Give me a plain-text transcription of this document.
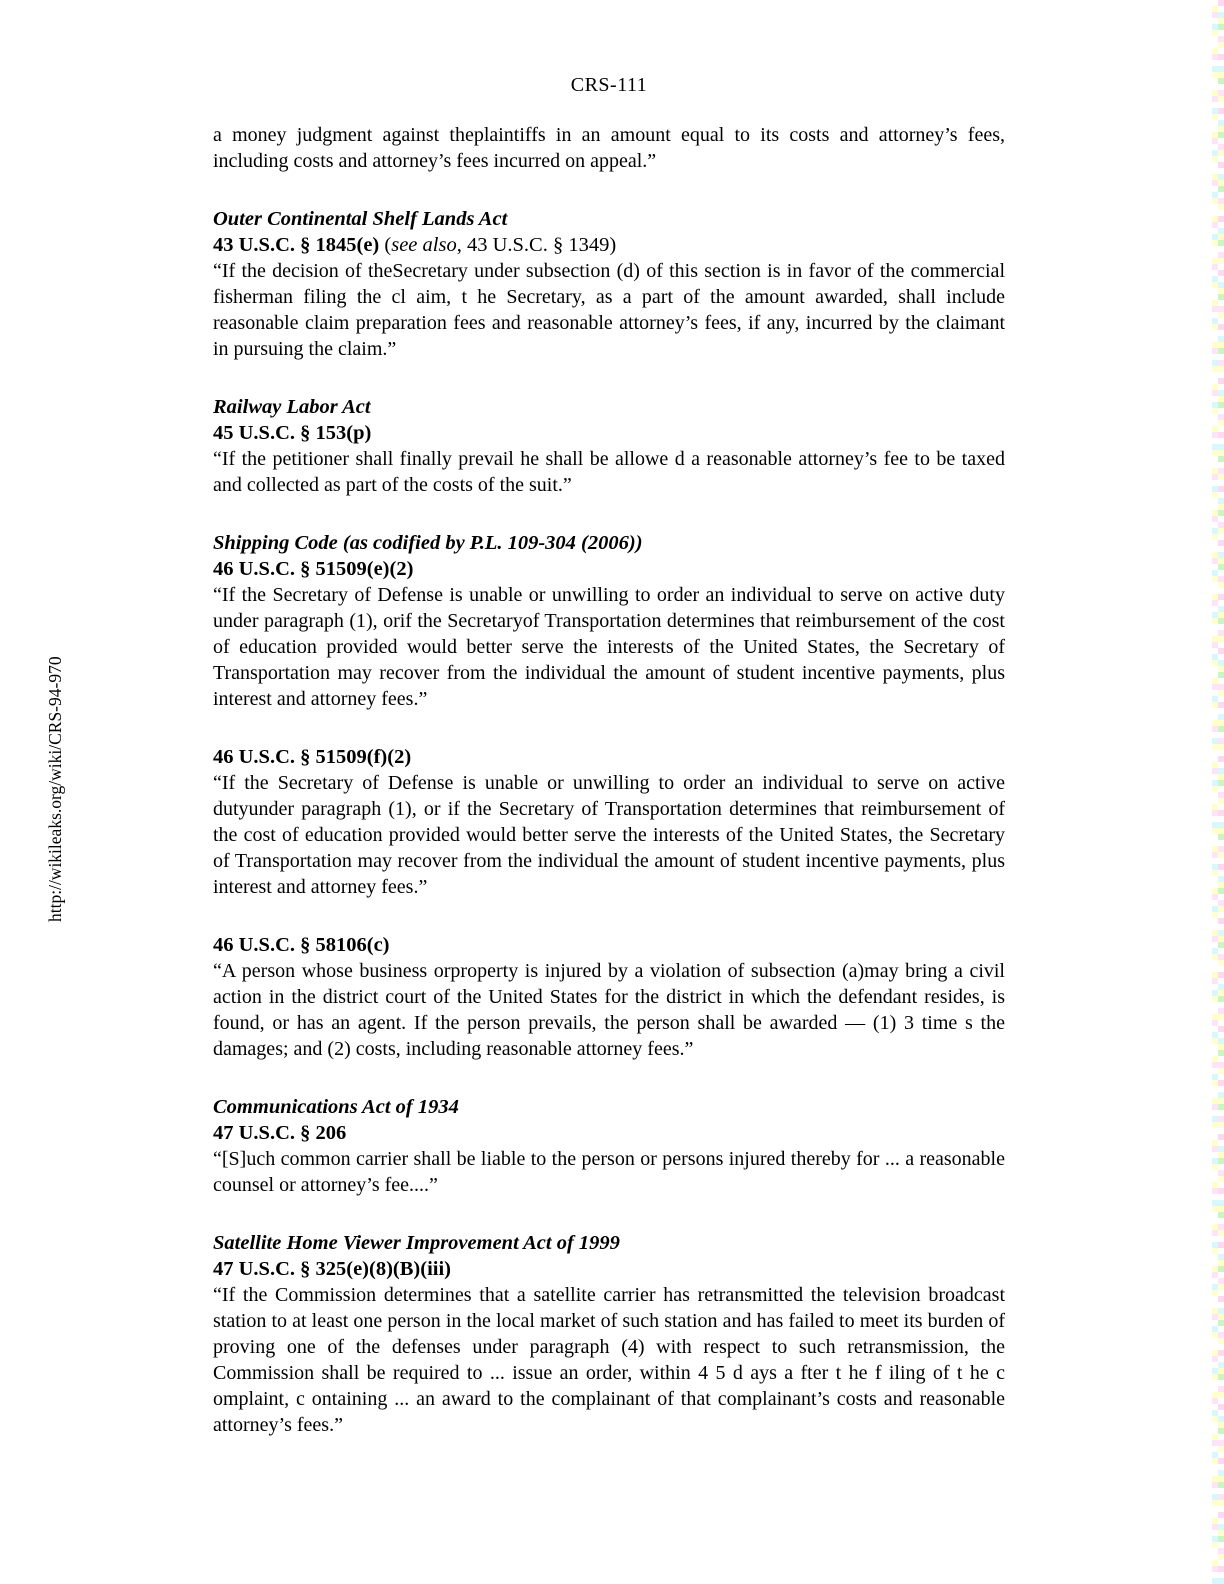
http://wikileaks.org/wiki/CRS-94-970
CRS-111

a money judgment against theplaintiffs in an amount equal to its costs and attorney’s fees, including costs and attorney’s fees incurred on appeal.”

Outer Continental Shelf Lands Act
43 U.S.C. § 1845(e) (see also, 43 U.S.C. § 1349)

“If the decision of theSecretary under subsection (d) of this section is in favor of the commercial fisherman filing the cl aim, t he Secretary, as a part of the amount awarded, shall include reasonable claim preparation fees and reasonable attorney’s fees, if any, incurred by the claimant in pursuing the claim.”

Railway Labor Act
45 U.S.C. § 153(p)

“If the petitioner shall finally prevail he shall be allowe d a reasonable attorney’s fee to be taxed and collected as part of the costs of the suit.”

Shipping Code (as codified by P.L. 109-304 (2006))
46 U.S.C. § 51509(e)(2)

“If the Secretary of Defense is unable or unwilling to order an individual to serve on active duty under paragraph (1), orif the Secretaryof Transportation determines that reimbursement of the cost of education provided would better serve the interests of the United States, the Secretary of Transportation may recover from the individual the amount of student incentive payments, plus interest and attorney fees.”

46 U.S.C. § 51509(f)(2)

“If the Secretary of Defense is unable or unwilling to order an individual to serve on active dutyunder paragraph (1), or if the Secretary of Transportation determines that reimbursement of the cost of education provided would better serve the interests of the United States, the Secretary of Transportation may recover from the individual the amount of student incentive payments, plus interest and attorney fees.”

46 U.S.C. § 58106(c)

“A person whose business orproperty is injured by a violation of subsection (a)may bring a civil action in the district court of the United States for the district in which the defendant resides, is found, or has an agent. If the person prevails, the person shall be awarded — (1) 3 time s the damages; and (2) costs, including reasonable attorney fees.”

Communications Act of 1934
47 U.S.C. § 206

“[S]uch common carrier shall be liable to the person or persons injured thereby for ... a reasonable counsel or attorney’s fee....”

Satellite Home Viewer Improvement Act of 1999
47 U.S.C. § 325(e)(8)(B)(iii)

“If the Commission determines that a satellite carrier has retransmitted the television broadcast station to at least one person in the local market of such station and has failed to meet its burden of proving one of the defenses under paragraph (4) with respect to such retransmission, the Commission shall be required to ... issue an order, within 4 5 d ays a fter t he f iling of t he c omplaint, c ontaining ... an award to the complainant of that complainant’s costs and reasonable attorney’s fees.”
